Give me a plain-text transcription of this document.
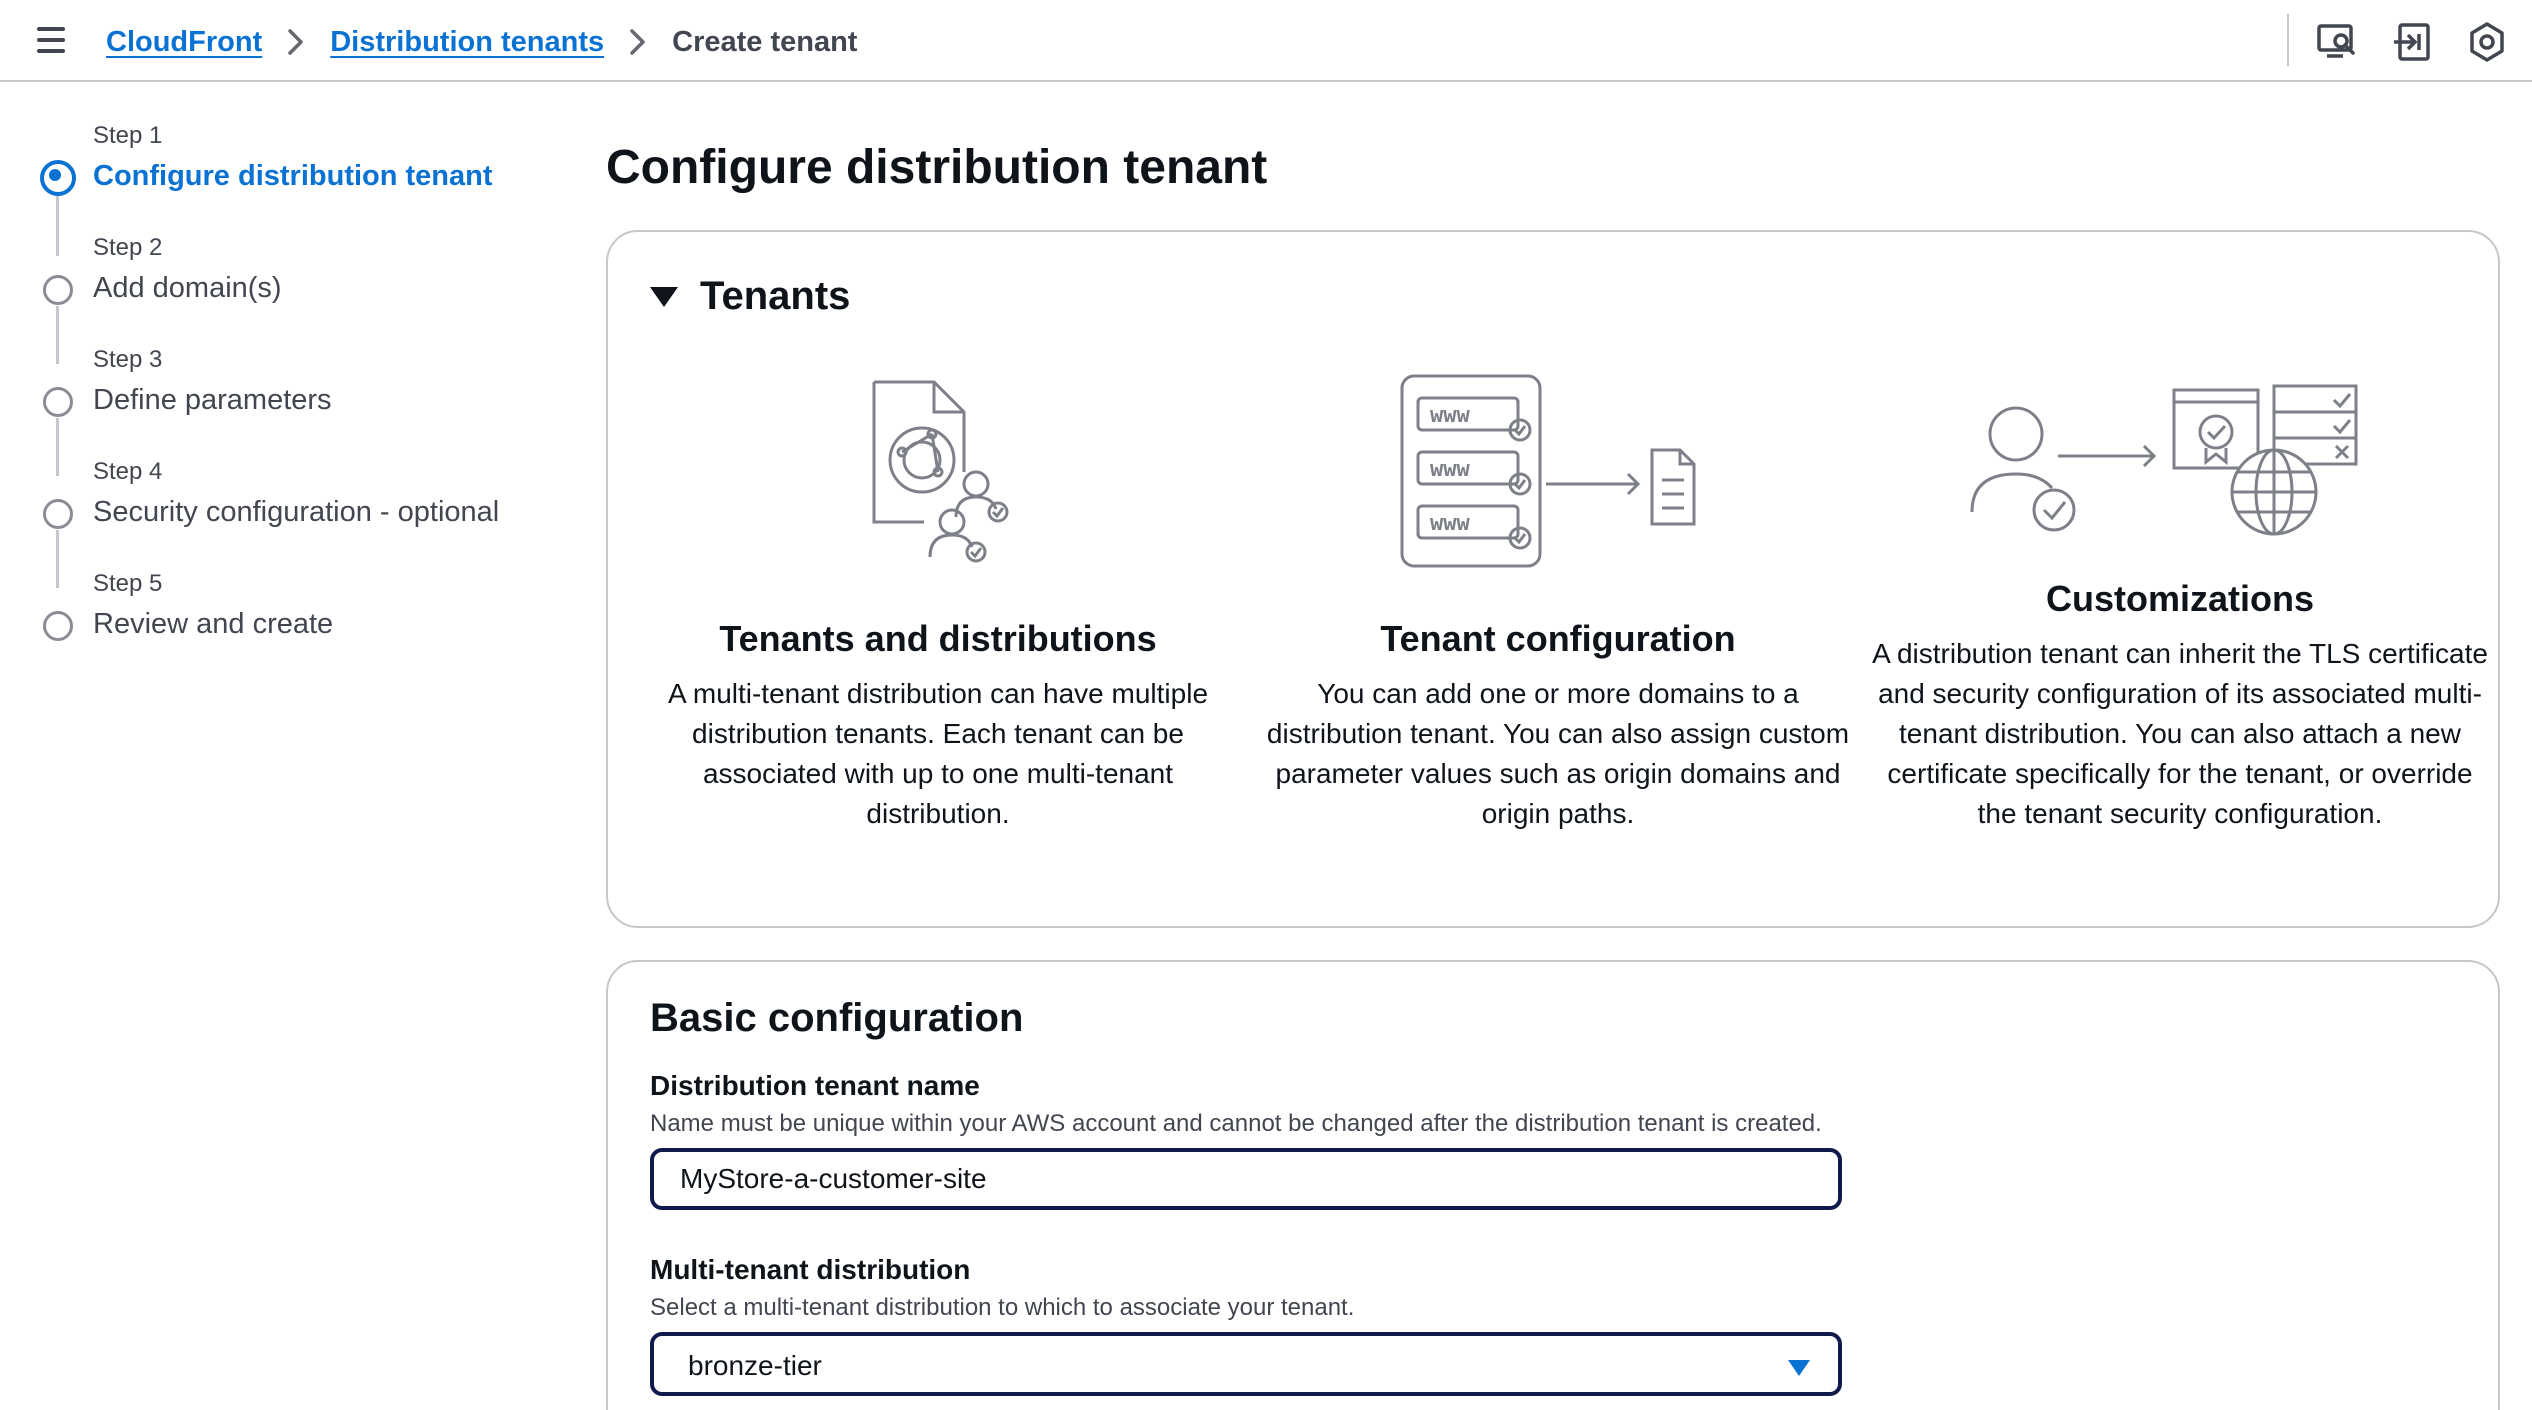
CloudFront Distribution tenants Create tenant
Step 1
Configure distribution tenant
Step 2
Add domain(s)
Step 3
Define parameters
Step 4
Security configuration - optional
Step 5
Review and create
Configure distribution tenant
Tenants
Tenants and distributions

A multi-tenant distribution can have multiple distribution tenants. Each tenant can be associated with up to one multi-tenant distribution.

www
www
www
Tenant configuration

You can add one or more domains to a distribution tenant. You can also assign custom parameter values such as origin domains and origin paths.

Customizations

A distribution tenant can inherit the TLS certificate and security configuration of its associated multi-tenant distribution. You can also attach a new certificate specifically for the tenant, or override the tenant security configuration.

Basic configuration
Distribution tenant name
Name must be unique within your AWS account and cannot be changed after the distribution tenant is created.
MyStore-a-customer-site
Multi-tenant distribution
Select a multi-tenant distribution to which to associate your tenant.
bronze-tier
